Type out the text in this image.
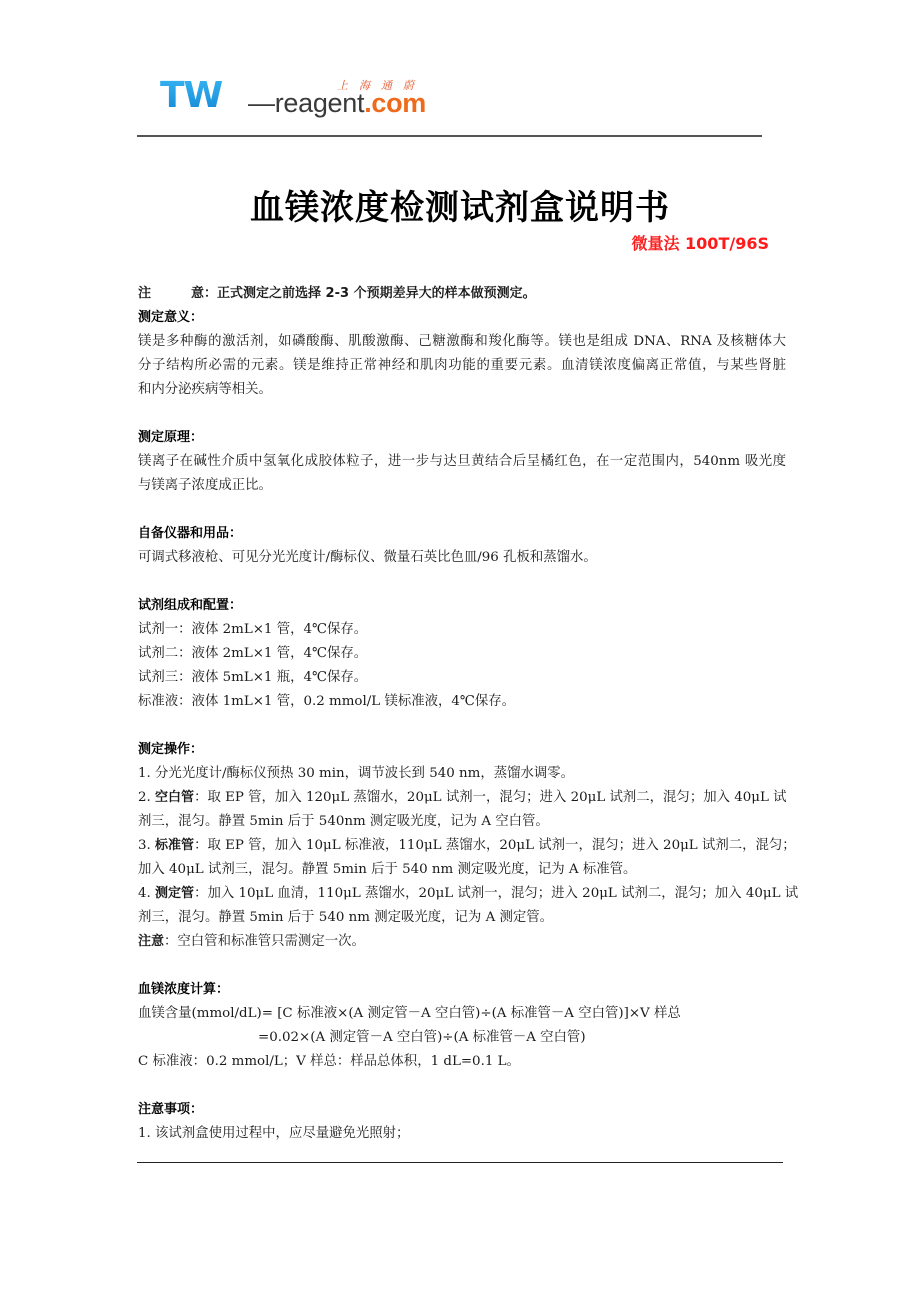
TW	上海通蔚
—reagent.com
血镁浓度检测试剂盒说明书
微量法 100T/96S
注	意：正式测定之前选择 2-3 个预期差异大的样本做预测定。
测定意义：
镁是多种酶的激活剂，如磷酸酶、肌酸激酶、己糖激酶和羧化酶等。镁也是组成 DNA、RNA 及核糖体大
分子结构所必需的元素。镁是维持正常神经和肌肉功能的重要元素。血清镁浓度偏离正常值，与某些肾脏
和内分泌疾病等相关。
测定原理：
镁离子在碱性介质中氢氧化成胶体粒子，进一步与达旦黄结合后呈橘红色，在一定范围内，540nm 吸光度
与镁离子浓度成正比。
自备仪器和用品：
可调式移液枪、可见分光光度计/酶标仪、微量石英比色皿/96 孔板和蒸馏水。
试剂组成和配置：
试剂一：液体 2mL×1 管，4℃保存。
试剂二：液体 2mL×1 管，4℃保存。
试剂三：液体 5mL×1 瓶，4℃保存。
标准液：液体 1mL×1 管，0.2 mmol/L 镁标准液，4℃保存。
测定操作：
1. 分光光度计/酶标仪预热 30 min，调节波长到 540 nm，蒸馏水调零。
2. 空白管：取 EP 管，加入 120μL 蒸馏水，20μL 试剂一，混匀；进入 20μL 试剂二，混匀；加入 40μL 试
剂三，混匀。静置 5min 后于 540nm 测定吸光度，记为 A 空白管。
3. 标准管：取 EP 管，加入 10μL 标准液，110μL 蒸馏水，20μL 试剂一，混匀；进入 20μL 试剂二，混匀；
加入 40μL 试剂三，混匀。静置 5min 后于 540 nm 测定吸光度，记为 A 标准管。
4. 测定管：加入 10μL 血清，110μL 蒸馏水，20μL 试剂一，混匀；进入 20μL 试剂二，混匀；加入 40μL 试
剂三，混匀。静置 5min 后于 540 nm 测定吸光度，记为 A 测定管。
注意：空白管和标准管只需测定一次。
血镁浓度计算：
血镁含量(mmol/dL)= [C 标准液×(A 测定管－A 空白管)÷(A 标准管－A 空白管)]×V 样总
=0.02×(A 测定管－A 空白管)÷(A 标准管－A 空白管)
C 标准液：0.2 mmol/L；V 样总：样品总体积，1 dL=0.1 L。
注意事项：
1. 该试剂盒使用过程中，应尽量避免光照射；
